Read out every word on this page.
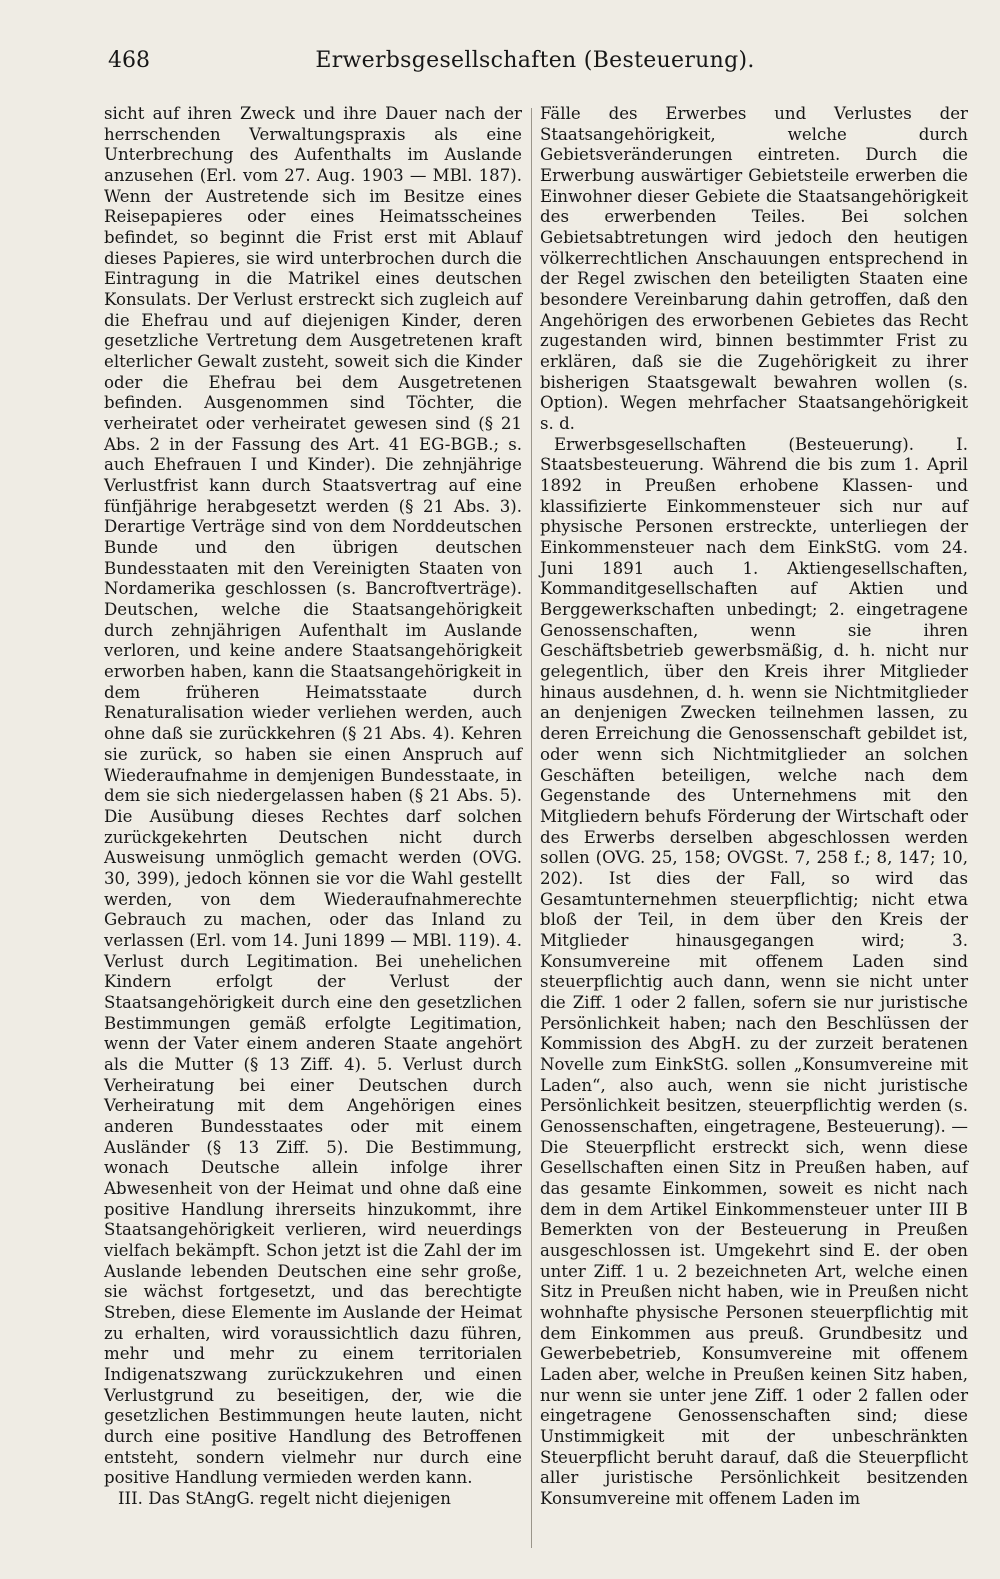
468	Erwerbsgesellschaften (Besteuerung).

sicht auf ihren Zweck und ihre Dauer nach der herrschenden Verwaltungspraxis als eine Unterbrechung des Aufenthalts im Auslande anzusehen (Erl. vom 27. Aug. 1903 — MBl. 187). Wenn der Austretende sich im Besitze eines Reisepapieres oder eines Heimatsscheines befindet, so beginnt die Frist erst mit Ablauf dieses Papieres, sie wird unterbrochen durch die Eintragung in die Matrikel eines deutschen Konsulats. Der Verlust erstreckt sich zugleich auf die Ehefrau und auf diejenigen Kinder, deren gesetzliche Vertretung dem Ausgetretenen kraft elterlicher Gewalt zusteht, soweit sich die Kinder oder die Ehefrau bei dem Ausgetretenen befinden. Ausgenommen sind Töchter, die verheiratet oder verheiratet gewesen sind (§ 21 Abs. 2 in der Fassung des Art. 41 EG-BGB.; s. auch Ehefrauen I und Kinder). Die zehnjährige Verlustfrist kann durch Staatsvertrag auf eine fünfjährige herabgesetzt werden (§ 21 Abs. 3). Derartige Verträge sind von dem Norddeutschen Bunde und den übrigen deutschen Bundesstaaten mit den Vereinigten Staaten von Nordamerika geschlossen (s. Bancroftverträge). Deutschen, welche die Staatsangehörigkeit durch zehnjährigen Aufenthalt im Auslande verloren, und keine andere Staatsangehörigkeit erworben haben, kann die Staatsangehörigkeit in dem früheren Heimatsstaate durch Renaturalisation wieder verliehen werden, auch ohne daß sie zurückkehren (§ 21 Abs. 4). Kehren sie zurück, so haben sie einen Anspruch auf Wiederaufnahme in demjenigen Bundesstaate, in dem sie sich niedergelassen haben (§ 21 Abs. 5). Die Ausübung dieses Rechtes darf solchen zurückgekehrten Deutschen nicht durch Ausweisung unmöglich gemacht werden (OVG. 30, 399), jedoch können sie vor die Wahl gestellt werden, von dem Wiederaufnahmerechte Gebrauch zu machen, oder das Inland zu verlassen (Erl. vom 14. Juni 1899 — MBl. 119). 4. Verlust durch Legitimation. Bei unehelichen Kindern erfolgt der Verlust der Staatsangehörigkeit durch eine den gesetzlichen Bestimmungen gemäß erfolgte Legitimation, wenn der Vater einem anderen Staate angehört als die Mutter (§ 13 Ziff. 4). 5. Verlust durch Verheiratung bei einer Deutschen durch Verheiratung mit dem Angehörigen eines anderen Bundesstaates oder mit einem Ausländer (§ 13 Ziff. 5). Die Bestimmung, wonach Deutsche allein infolge ihrer Abwesenheit von der Heimat und ohne daß eine positive Handlung ihrerseits hinzukommt, ihre Staatsangehörigkeit verlieren, wird neuerdings vielfach bekämpft. Schon jetzt ist die Zahl der im Auslande lebenden Deutschen eine sehr große, sie wächst fortgesetzt, und das berechtigte Streben, diese Elemente im Auslande der Heimat zu erhalten, wird voraussichtlich dazu führen, mehr und mehr zu einem territorialen Indigenatszwang zurückzukehren und einen Verlustgrund zu beseitigen, der, wie die gesetzlichen Bestimmungen heute lauten, nicht durch eine positive Handlung des Betroffenen entsteht, sondern vielmehr nur durch eine positive Handlung vermieden werden kann.

III. Das StAngG. regelt nicht diejenigen

Fälle des Erwerbes und Verlustes der Staatsangehörigkeit, welche durch Gebietsveränderungen eintreten. Durch die Erwerbung auswärtiger Gebietsteile erwerben die Einwohner dieser Gebiete die Staatsangehörigkeit des erwerbenden Teiles. Bei solchen Gebietsabtretungen wird jedoch den heutigen völkerrechtlichen Anschauungen entsprechend in der Regel zwischen den beteiligten Staaten eine besondere Vereinbarung dahin getroffen, daß den Angehörigen des erworbenen Gebietes das Recht zugestanden wird, binnen bestimmter Frist zu erklären, daß sie die Zugehörigkeit zu ihrer bisherigen Staatsgewalt bewahren wollen (s. Option). Wegen mehrfacher Staatsangehörigkeit s. d.

Erwerbsgesellschaften (Besteuerung). I. Staatsbesteuerung. Während die bis zum 1. April 1892 in Preußen erhobene Klassen- und klassifizierte Einkommensteuer sich nur auf physische Personen erstreckte, unterliegen der Einkommensteuer nach dem EinkStG. vom 24. Juni 1891 auch 1. Aktiengesellschaften, Kommanditgesellschaften auf Aktien und Berggewerkschaften unbedingt; 2. eingetragene Genossenschaften, wenn sie ihren Geschäftsbetrieb gewerbsmäßig, d. h. nicht nur gelegentlich, über den Kreis ihrer Mitglieder hinaus ausdehnen, d. h. wenn sie Nichtmitglieder an denjenigen Zwecken teilnehmen lassen, zu deren Erreichung die Genossenschaft gebildet ist, oder wenn sich Nichtmitglieder an solchen Geschäften beteiligen, welche nach dem Gegenstande des Unternehmens mit den Mitgliedern behufs Förderung der Wirtschaft oder des Erwerbs derselben abgeschlossen werden sollen (OVG. 25, 158; OVGSt. 7, 258 f.; 8, 147; 10, 202). Ist dies der Fall, so wird das Gesamtunternehmen steuerpflichtig; nicht etwa bloß der Teil, in dem über den Kreis der Mitglieder hinausgegangen wird; 3. Konsumvereine mit offenem Laden sind steuerpflichtig auch dann, wenn sie nicht unter die Ziff. 1 oder 2 fallen, sofern sie nur juristische Persönlichkeit haben; nach den Beschlüssen der Kommission des AbgH. zu der zurzeit beratenen Novelle zum EinkStG. sollen „Konsumvereine mit Laden“, also auch, wenn sie nicht juristische Persönlichkeit besitzen, steuerpflichtig werden (s. Genossenschaften, eingetragene, Besteuerung). — Die Steuerpflicht erstreckt sich, wenn diese Gesellschaften einen Sitz in Preußen haben, auf das gesamte Einkommen, soweit es nicht nach dem in dem Artikel Einkommensteuer unter III B Bemerkten von der Besteuerung in Preußen ausgeschlossen ist. Umgekehrt sind E. der oben unter Ziff. 1 u. 2 bezeichneten Art, welche einen Sitz in Preußen nicht haben, wie in Preußen nicht wohnhafte physische Personen steuerpflichtig mit dem Einkommen aus preuß. Grundbesitz und Gewerbebetrieb, Konsumvereine mit offenem Laden aber, welche in Preußen keinen Sitz haben, nur wenn sie unter jene Ziff. 1 oder 2 fallen oder eingetragene Genossenschaften sind; diese Unstimmigkeit mit der unbeschränkten Steuerpflicht beruht darauf, daß die Steuerpflicht aller juristische Persönlichkeit besitzenden Konsumvereine mit offenem Laden im
